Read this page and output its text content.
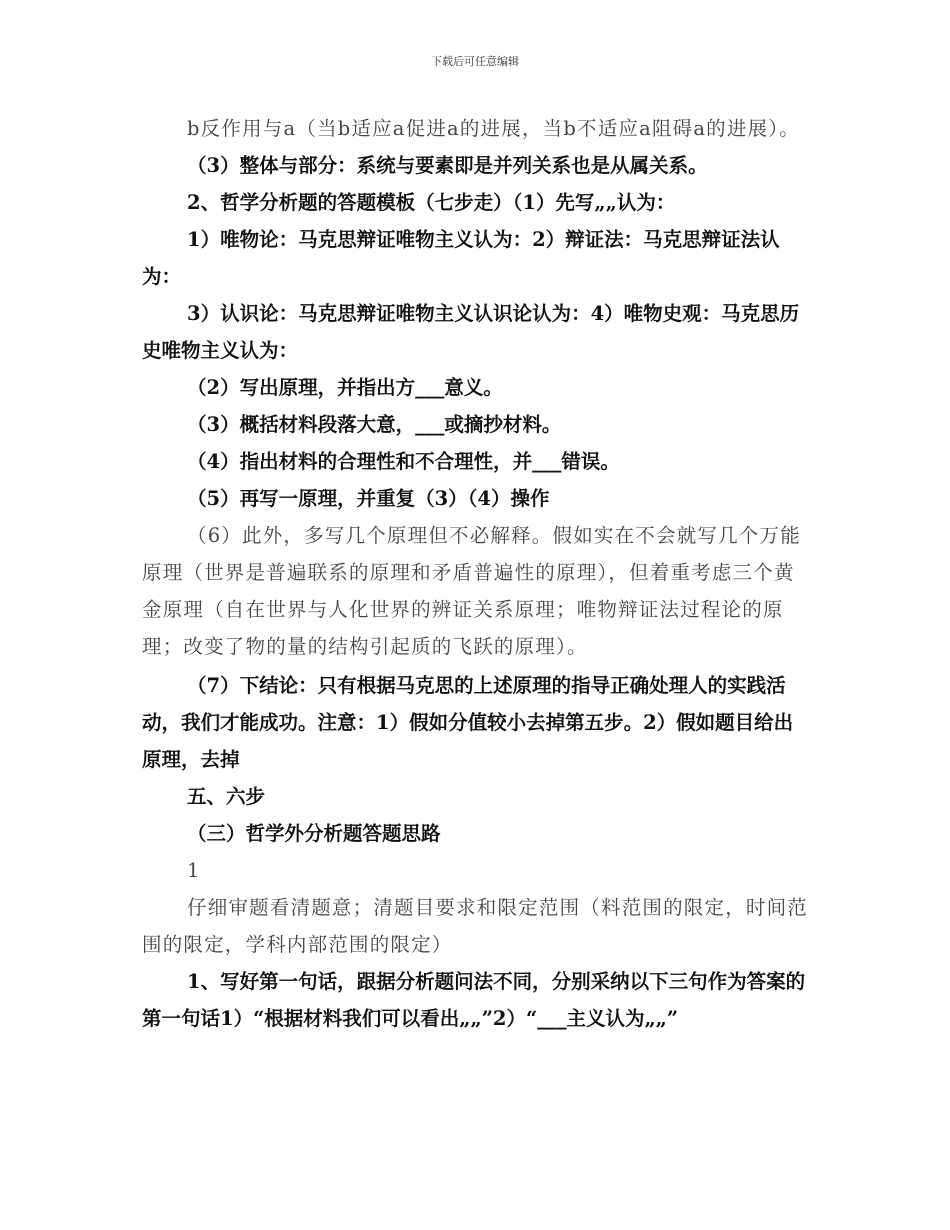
下载后可任意编辑

b反作用与a（当b适应a促进a的进展，当b不适应a阻碍a的进展）。

（3）整体与部分：系统与要素即是并列关系也是从属关系。

2、哲学分析题的答题模板（七步走）（1）先写„„认为：

1）唯物论：马克思辩证唯物主义认为：2）辩证法：马克思辩证法认为：

3）认识论：马克思辩证唯物主义认识论认为：4）唯物史观：马克思历史唯物主义认为：

（2）写出原理，并指出方___意义。

（3）概括材料段落大意，___或摘抄材料。

（4）指出材料的合理性和不合理性，并___错误。

（5）再写一原理，并重复（3）（4）操作

（6）此外，多写几个原理但不必解释。假如实在不会就写几个万能原理（世界是普遍联系的原理和矛盾普遍性的原理），但着重考虑三个黄金原理（自在世界与人化世界的辨证关系原理；唯物辩证法过程论的原理；改变了物的量的结构引起质的飞跃的原理）。

（7）下结论：只有根据马克思的上述原理的指导正确处理人的实践活动，我们才能成功。注意：1）假如分值较小去掉第五步。2）假如题目给出原理，去掉

五、六步

（三）哲学外分析题答题思路

1

仔细审题看清题意；清题目要求和限定范围（料范围的限定，时间范围的限定，学科内部范围的限定）

1、写好第一句话，跟据分析题问法不同，分别采纳以下三句作为答案的第一句话1）“根据材料我们可以看出„„”2）“___主义认为„„”
